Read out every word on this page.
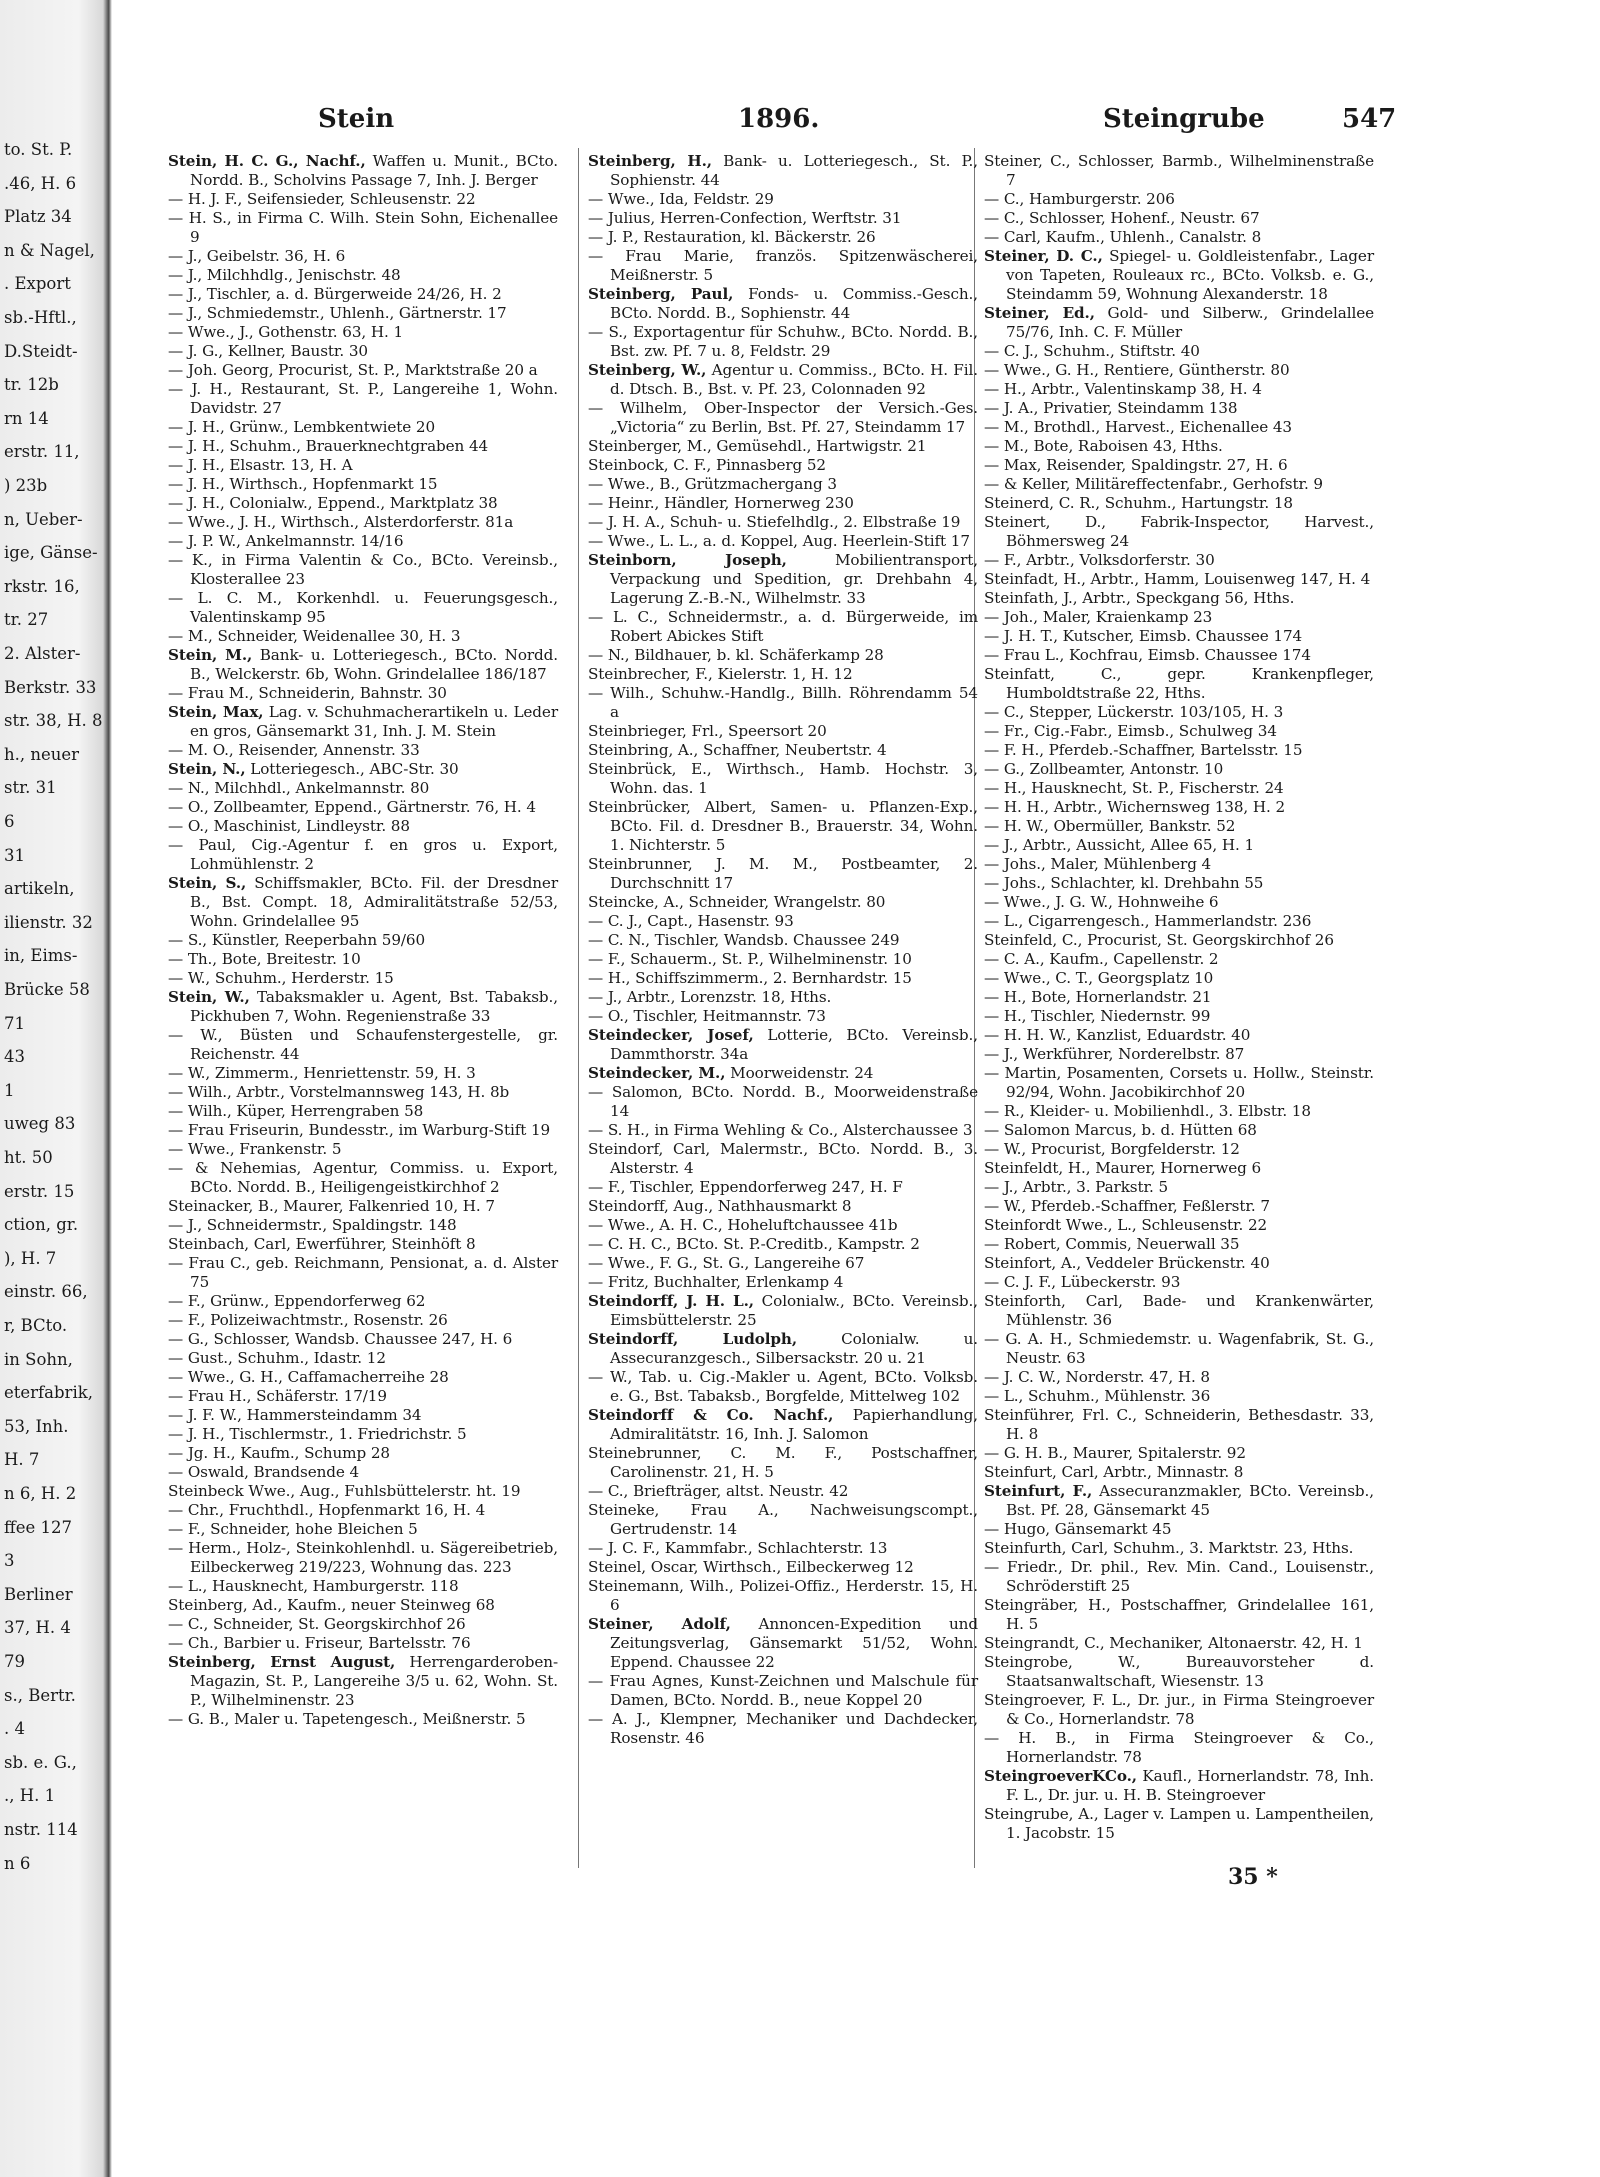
to. St. P.
.46, H. 6
Platz 34
n & Nagel,
. Export
sb.-Hftl.,
D.Steidt-
tr. 12b
rn 14
erstr. 11,
) 23b
n, Ueber-
ige, Gänse-
rkstr. 16,
tr. 27
2. Alster-
Berkstr. 33
str. 38, H. 8
h., neuer
str. 31
6
31
artikeln,
ilienstr. 32
in, Eims-
Brücke 58
71
43
1
uweg 83
ht. 50
erstr. 15
ction, gr.
), H. 7
einstr. 66,
r, BCto.
in Sohn,
eterfabrik,
53, Inh.
H. 7
n 6, H. 2
ffee 127
3
Berliner
37, H. 4
79
s., Bertr.
. 4
sb. e. G.,
., H. 1
nstr. 114
n 6
Stein	1896.	Steingrube	547

Stein, H. C. G., Nachf., Waffen u. Munit., BCto. Nordd. B., Scholvins Passage 7, Inh. J. Berger

— H. J. F., Seifensieder, Schleusenstr. 22

— H. S., in Firma C. Wilh. Stein Sohn, Eichenallee 9

— J., Geibelstr. 36, H. 6

— J., Milchhdlg., Jenischstr. 48

— J., Tischler, a. d. Bürgerweide 24/26, H. 2

— J., Schmiedemstr., Uhlenh., Gärtnerstr. 17

— Wwe., J., Gothenstr. 63, H. 1

— J. G., Kellner, Baustr. 30

— Joh. Georg, Procurist, St. P., Marktstraße 20 a

— J. H., Restaurant, St. P., Langereihe 1, Wohn. Davidstr. 27

— J. H., Grünw., Lembkentwiete 20

— J. H., Schuhm., Brauerknechtgraben 44

— J. H., Elsastr. 13, H. A

— J. H., Wirthsch., Hopfenmarkt 15

— J. H., Colonialw., Eppend., Marktplatz 38

— Wwe., J. H., Wirthsch., Alsterdorferstr. 81a

— J. P. W., Ankelmannstr. 14/16

— K., in Firma Valentin & Co., BCto. Vereinsb., Klosterallee 23

— L. C. M., Korkenhdl. u. Feuerungsgesch., Valentinskamp 95

— M., Schneider, Weidenallee 30, H. 3

Stein, M., Bank- u. Lotteriegesch., BCto. Nordd. B., Welckerstr. 6b, Wohn. Grindelallee 186/187

— Frau M., Schneiderin, Bahnstr. 30

Stein, Max, Lag. v. Schuhmacherartikeln u. Leder en gros, Gänsemarkt 31, Inh. J. M. Stein

— M. O., Reisender, Annenstr. 33

Stein, N., Lotteriegesch., ABC-Str. 30

— N., Milchhdl., Ankelmannstr. 80

— O., Zollbeamter, Eppend., Gärtnerstr. 76, H. 4

— O., Maschinist, Lindleystr. 88

— Paul, Cig.-Agentur f. en gros u. Export, Lohmühlenstr. 2

Stein, S., Schiffsmakler, BCto. Fil. der Dresdner B., Bst. Compt. 18, Admiralitätstraße 52/53, Wohn. Grindelallee 95

— S., Künstler, Reeperbahn 59/60

— Th., Bote, Breitestr. 10

— W., Schuhm., Herderstr. 15

Stein, W., Tabaksmakler u. Agent, Bst. Tabaksb., Pickhuben 7, Wohn. Regenienstraße 33

— W., Büsten und Schaufenstergestelle, gr. Reichenstr. 44

— W., Zimmerm., Henriettenstr. 59, H. 3

— Wilh., Arbtr., Vorstelmannsweg 143, H. 8b

— Wilh., Küper, Herrengraben 58

— Frau Friseurin, Bundesstr., im Warburg-Stift 19

— Wwe., Frankenstr. 5

— & Nehemias, Agentur, Commiss. u. Export, BCto. Nordd. B., Heiligengeistkirchhof 2

Steinacker, B., Maurer, Falkenried 10, H. 7

— J., Schneidermstr., Spaldingstr. 148

Steinbach, Carl, Ewerführer, Steinhöft 8

— Frau C., geb. Reichmann, Pensionat, a. d. Alster 75

— F., Grünw., Eppendorferweg 62

— F., Polizeiwachtmstr., Rosenstr. 26

— G., Schlosser, Wandsb. Chaussee 247, H. 6

— Gust., Schuhm., Idastr. 12

— Wwe., G. H., Caffamacherreihe 28

— Frau H., Schäferstr. 17/19

— J. F. W., Hammersteindamm 34

— J. H., Tischlermstr., 1. Friedrichstr. 5

— Jg. H., Kaufm., Schump 28

— Oswald, Brandsende 4

Steinbeck Wwe., Aug., Fuhlsbüttelerstr. ht. 19

— Chr., Fruchthdl., Hopfenmarkt 16, H. 4

— F., Schneider, hohe Bleichen 5

— Herm., Holz-, Steinkohlenhdl. u. Sägereibetrieb, Eilbeckerweg 219/223, Wohnung das. 223

— L., Hausknecht, Hamburgerstr. 118

Steinberg, Ad., Kaufm., neuer Steinweg 68

— C., Schneider, St. Georgskirchhof 26

— Ch., Barbier u. Friseur, Bartelsstr. 76

Steinberg, Ernst August, Herrengarderoben-Magazin, St. P., Langereihe 3/5 u. 62, Wohn. St. P., Wilhelminenstr. 23

— G. B., Maler u. Tapetengesch., Meißnerstr. 5

Steinberg, H., Bank- u. Lotteriegesch., St. P., Sophienstr. 44

— Wwe., Ida, Feldstr. 29

— Julius, Herren-Confection, Werftstr. 31

— J. P., Restauration, kl. Bäckerstr. 26

— Frau Marie, französ. Spitzenwäscherei, Meißnerstr. 5

Steinberg, Paul, Fonds- u. Commiss.-Gesch., BCto. Nordd. B., Sophienstr. 44

— S., Exportagentur für Schuhw., BCto. Nordd. B., Bst. zw. Pf. 7 u. 8, Feldstr. 29

Steinberg, W., Agentur u. Commiss., BCto. H. Fil. d. Dtsch. B., Bst. v. Pf. 23, Colonnaden 92

— Wilhelm, Ober-Inspector der Versich.-Ges. „Victoria“ zu Berlin, Bst. Pf. 27, Steindamm 17

Steinberger, M., Gemüsehdl., Hartwigstr. 21

Steinbock, C. F., Pinnasberg 52

— Wwe., B., Grützmachergang 3

— Heinr., Händler, Hornerweg 230

— J. H. A., Schuh- u. Stiefelhdlg., 2. Elbstraße 19

— Wwe., L. L., a. d. Koppel, Aug. Heerlein-Stift 17

Steinborn, Joseph,	Mobilientransport, Verpackung und Spedition, gr. Drehbahn 4, Lagerung Z.-B.-N., Wilhelmstr. 33

— L. C., Schneidermstr., a. d. Bürgerweide, im Robert Abickes Stift

— N., Bildhauer, b. kl. Schäferkamp 28

Steinbrecher, F., Kielerstr. 1, H. 12

— Wilh., Schuhw.-Handlg., Billh. Röhrendamm 54 a

Steinbrieger, Frl., Speersort 20

Steinbring, A., Schaffner, Neubertstr. 4

Steinbrück, E., Wirthsch., Hamb. Hochstr. 3, Wohn. das. 1

Steinbrücker, Albert, Samen- u. Pflanzen-Exp., BCto. Fil. d. Dresdner B., Brauerstr. 34, Wohn. 1. Nichterstr. 5

Steinbrunner, J. M. M., Postbeamter, 2. Durchschnitt 17

Steincke, A., Schneider, Wrangelstr. 80

— C. J., Capt., Hasenstr. 93

— C. N., Tischler, Wandsb. Chaussee 249

— F., Schauerm., St. P., Wilhelminenstr. 10

— H., Schiffszimmerm., 2. Bernhardstr. 15

— J., Arbtr., Lorenzstr. 18, Hths.

— O., Tischler, Heitmannstr. 73

Steindecker, Josef, Lotterie, BCto. Vereinsb., Dammthorstr. 34a

Steindecker, M., Moorweidenstr. 24

— Salomon, BCto. Nordd. B., Moorweidenstraße 14

— S. H., in Firma Wehling & Co., Alsterchaussee 3

Steindorf, Carl, Malermstr., BCto. Nordd. B., 3. Alsterstr. 4

— F., Tischler, Eppendorferweg 247, H. F

Steindorff, Aug., Nathhausmarkt 8

— Wwe., A. H. C., Hoheluftchaussee 41b

— C. H. C., BCto. St. P.-Creditb., Kampstr. 2

— Wwe., F. G., St. G., Langereihe 67

— Fritz, Buchhalter, Erlenkamp 4

Steindorff, J. H. L., Colonialw., BCto. Vereinsb., Eimsbüttelerstr. 25

Steindorff, Ludolph,	Colonialw. u. Assecuranzgesch., Silbersackstr. 20 u. 21

— W., Tab. u. Cig.-Makler u. Agent, BCto. Volksb. e. G., Bst. Tabaksb., Borgfelde, Mittelweg 102

Steindorff & Co. Nachf., Papierhandlung, Admiralitätstr. 16, Inh. J. Salomon

Steinebrunner, C. M. F., Postschaffner, Carolinenstr. 21, H. 5

— C., Briefträger, altst. Neustr. 42

Steineke, Frau A., Nachweisungscompt., Gertrudenstr. 14

— J. C. F., Kammfabr., Schlachterstr. 13

Steinel, Oscar, Wirthsch., Eilbeckerweg 12

Steinemann, Wilh., Polizei-Offiz., Herderstr. 15, H. 6

Steiner, Adolf, Annoncen-Expedition und Zeitungsverlag, Gänsemarkt 51/52, Wohn. Eppend. Chaussee 22

— Frau Agnes, Kunst-Zeichnen und Malschule für Damen, BCto. Nordd. B., neue Koppel 20

— A. J., Klempner, Mechaniker und Dachdecker, Rosenstr. 46

Steiner, C., Schlosser, Barmb., Wilhelminenstraße 7

— C., Hamburgerstr. 206

— C., Schlosser, Hohenf., Neustr. 67

— Carl, Kaufm., Uhlenh., Canalstr. 8

Steiner, D. C., Spiegel- u. Goldleistenfabr., Lager von Tapeten, Rouleaux rc., BCto. Volksb. e. G., Steindamm 59, Wohnung Alexanderstr. 18

Steiner, Ed., Gold- und Silberw., Grindelallee 75/76, Inh. C. F. Müller

— C. J., Schuhm., Stiftstr. 40

— Wwe., G. H., Rentiere, Güntherstr. 80

— H., Arbtr., Valentinskamp 38, H. 4

— J. A., Privatier, Steindamm 138

— M., Brothdl., Harvest., Eichenallee 43

— M., Bote, Raboisen 43, Hths.

— Max, Reisender, Spaldingstr. 27, H. 6

— & Keller, Militäreffectenfabr., Gerhofstr. 9

Steinerd, C. R., Schuhm., Hartungstr. 18

Steinert, D., Fabrik-Inspector, Harvest., Böhmersweg 24

— F., Arbtr., Volksdorferstr. 30

Steinfadt, H., Arbtr., Hamm, Louisenweg 147, H. 4

Steinfath, J., Arbtr., Speckgang 56, Hths.

— Joh., Maler, Kraienkamp 23

— J. H. T., Kutscher, Eimsb. Chaussee 174

— Frau L., Kochfrau, Eimsb. Chaussee 174

Steinfatt, C., gepr. Krankenpfleger, Humboldtstraße 22, Hths.

— C., Stepper, Lückerstr. 103/105, H. 3

— Fr., Cig.-Fabr., Eimsb., Schulweg 34

— F. H., Pferdeb.-Schaffner, Bartelsstr. 15

— G., Zollbeamter, Antonstr. 10

— H., Hausknecht, St. P., Fischerstr. 24

— H. H., Arbtr., Wichernsweg 138, H. 2

— H. W., Obermüller, Bankstr. 52

— J., Arbtr., Aussicht, Allee 65, H. 1

— Johs., Maler, Mühlenberg 4

— Johs., Schlachter, kl. Drehbahn 55

— Wwe., J. G. W., Hohnweihe 6

— L., Cigarrengesch., Hammerlandstr. 236

Steinfeld, C., Procurist, St. Georgskirchhof 26

— C. A., Kaufm., Capellenstr. 2

— Wwe., C. T., Georgsplatz 10

— H., Bote, Hornerlandstr. 21

— H., Tischler, Niedernstr. 99

— H. H. W., Kanzlist, Eduardstr. 40

— J., Werkführer, Norderelbstr. 87

— Martin, Posamenten, Corsets u. Hollw., Steinstr. 92/94, Wohn. Jacobikirchhof 20

— R., Kleider- u. Mobilienhdl., 3. Elbstr. 18

— Salomon Marcus, b. d. Hütten 68

— W., Procurist, Borgfelderstr. 12

Steinfeldt, H., Maurer, Hornerweg 6

— J., Arbtr., 3. Parkstr. 5

— W., Pferdeb.-Schaffner, Feßlerstr. 7

Steinfordt Wwe., L., Schleusenstr. 22

— Robert, Commis, Neuerwall 35

Steinfort, A., Veddeler Brückenstr. 40

— C. J. F., Lübeckerstr. 93

Steinforth, Carl, Bade- und Krankenwärter, Mühlenstr. 36

— G. A. H., Schmiedemstr. u. Wagenfabrik, St. G., Neustr. 63

— J. C. W., Norderstr. 47, H. 8

— L., Schuhm., Mühlenstr. 36

Steinführer, Frl. C., Schneiderin, Bethesdastr. 33, H. 8

— G. H. B., Maurer, Spitalerstr. 92

Steinfurt, Carl, Arbtr., Minnastr. 8

Steinfurt, F., Assecuranzmakler, BCto. Vereinsb., Bst. Pf. 28, Gänsemarkt 45

— Hugo, Gänsemarkt 45

Steinfurth, Carl, Schuhm., 3. Marktstr. 23, Hths.

— Friedr., Dr. phil., Rev. Min. Cand., Louisenstr., Schröderstift 25

Steingräber, H., Postschaffner, Grindelallee 161, H. 5

Steingrandt, C., Mechaniker, Altonaerstr. 42, H. 1

Steingrobe, W., Bureauvorsteher d. Staatsanwaltschaft, Wiesenstr. 13

Steingroever, F. L., Dr. jur., in Firma Steingroever & Co., Hornerlandstr. 78

— H. B., in Firma Steingroever & Co., Hornerlandstr. 78

SteingroeverKCo., Kaufl., Hornerlandstr. 78, Inh. F. L., Dr. jur. u. H. B. Steingroever

Steingrube, A., Lager v. Lampen u. Lampentheilen, 1. Jacobstr. 15

35 *
